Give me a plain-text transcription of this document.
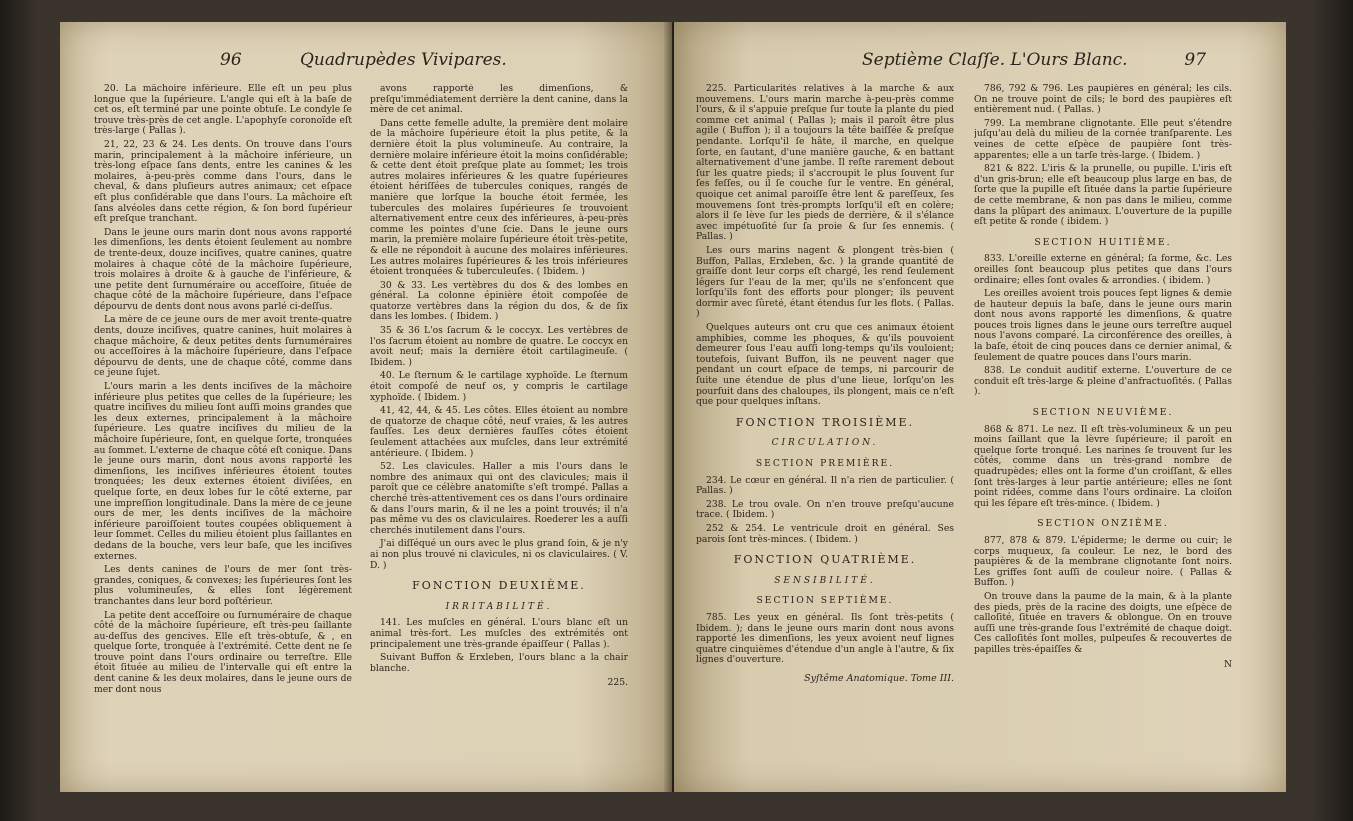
96	Quadrupèdes Vivipares.

20. La mâchoire inférieure. Elle eſt un peu plus longue que la ſupérieure. L'angle qui eſt à la baſe de cet os, eſt terminé par une pointe obtuſe. Le condyle ſe trouve très-près de cet angle. L'apophyſe coronoïde eſt très-large ( Pallas ).

21, 22, 23 & 24. Les dents. On trouve dans l'ours marin, principalement à la mâchoire inférieure, un très-long eſpace ſans dents, entre les canines & les molaires, à-peu-près comme dans l'ours, dans le cheval, & dans pluſieurs autres animaux; cet eſpace eſt plus conſidérable que dans l'ours. La mâchoire eſt ſans alvéoles dans cette région, & ſon bord ſupérieur eſt preſque tranchant.

Dans le jeune ours marin dont nous avons rapporté les dimenſions, les dents étoient ſeulement au nombre de trente-deux, douze inciſives, quatre canines, quatre molaires à chaque côté de la mâchoire ſupérieure, trois molaires à droite & à gauche de l'inférieure, & une petite dent ſurnuméraire ou acceſſoire, ſituée de chaque côté de la mâchoire ſupérieure, dans l'eſpace dépourvu de dents dont nous avons parlé ci-deſſus.

La mère de ce jeune ours de mer avoit trente-quatre dents, douze inciſives, quatre canines, huit molaires à chaque mâchoire, & deux petites dents ſurnuméraires ou acceſſoires à la mâchoire ſupérieure, dans l'eſpace dépourvu de dents, une de chaque côté, comme dans ce jeune ſujet.

L'ours marin a les dents inciſives de la mâchoire inférieure plus petites que celles de la ſupérieure; les quatre inciſives du milieu ſont auſſi moins grandes que les deux externes, principalement à la mâchoire ſupérieure. Les quatre inciſives du milieu de la mâchoire ſupérieure, ſont, en quelque ſorte, tronquées au ſommet. L'externe de chaque côté eſt conique. Dans le jeune ours marin, dont nous avons rapporté les dimenſions, les inciſives inférieures étoient toutes tronquées; les deux externes étoient diviſées, en quelque ſorte, en deux lobes ſur le côté externe, par une impreſſion longitudinale. Dans la mère de ce jeune ours de mer, les dents inciſives de la mâchoire inférieure paroiſſoient toutes coupées obliquement à leur ſommet. Celles du milieu étoient plus ſaillantes en dedans de la bouche, vers leur baſe, que les inciſives externes.

Les dents canines de l'ours de mer ſont très-grandes, coniques, & convexes; les ſupérieures ſont les plus volumineuſes, & elles ſont légèrement tranchantes dans leur bord poſtérieur.

La petite dent acceſſoire ou ſurnuméraire de chaque côté de la mâchoire ſupérieure, eſt très-peu ſaillante au-deſſus des gencives. Elle eſt très-obtuſe, & , en quelque ſorte, tronquée à l'extrémité. Cette dent ne ſe trouve point dans l'ours ordinaire ou terreſtre. Elle étoit ſituée au milieu de l'intervalle qui eſt entre la dent canine & les deux molaires, dans le jeune ours de mer dont nous

avons rapporté les dimenſions, & preſqu'immédiatement derrière la dent canine, dans la mère de cet animal.

Dans cette femelle adulte, la première dent molaire de la mâchoire ſupérieure étoit la plus petite, & la dernière étoit la plus volumineuſe. Au contraire, la dernière molaire inférieure étoit la moins conſidérable; & cette dent étoit preſque plate au ſommet; les trois autres molaires inférieures & les quatre ſupérieures étoient hériſſées de tubercules coniques, rangés de manière que lorſque la bouche étoit fermée, les tubercules des molaires ſupérieures ſe trouvoient alternativement entre ceux des inférieures, à-peu-près comme les pointes d'une ſcie. Dans le jeune ours marin, la première molaire ſupérieure étoit très-petite, & elle ne répondoit à aucune des molaires inférieures. Les autres molaires ſupérieures & les trois inférieures étoient tronquées & tuberculeuſes. ( Ibidem. )

30 & 33. Les vertèbres du dos & des lombes en général. La colonne épinière étoit compoſée de quatorze vertèbres dans la région du dos, & de ſix dans les lombes. ( Ibidem. )

35 & 36 L'os ſacrum & le coccyx. Les vertèbres de l'os ſacrum étoient au nombre de quatre. Le coccyx en avoit neuf; mais la dernière étoit cartilagineuſe. ( Ibidem. )

40. Le ſternum & le cartilage xyphoïde. Le ſternum étoit compoſé de neuf os, y compris le cartilage xyphoïde. ( Ibidem. )

41, 42, 44, & 45. Les côtes. Elles étoient au nombre de quatorze de chaque côté, neuf vraies, & les autres fauſſes. Les deux dernières fauſſes côtes étoient ſeulement attachées aux muſcles, dans leur extrémité antérieure. ( Ibidem. )

52. Les clavicules. Haller a mis l'ours dans le nombre des animaux qui ont des clavicules; mais il paroît que ce célèbre anatomiſte s'eſt trompé. Pallas a cherché très-attentivement ces os dans l'ours ordinaire & dans l'ours marin, & il ne les a point trouvés; il n'a pas même vu des os claviculaires. Roederer les a auſſi cherchés inutilement dans l'ours.

J'ai diſſéqué un ours avec le plus grand ſoin, & je n'y ai non plus trouvé ni clavicules, ni os claviculaires. ( V. D. )

FONCTION DEUXIÈME.

IRRITABILITÉ.

141. Les muſcles en général. L'ours blanc eſt un animal très-fort. Les muſcles des extrémités ont principalement une très-grande épaiſſeur ( Pallas ).

Suivant Buffon & Erxleben, l'ours blanc a la chair blanche.

225.
Septième Claſſe. L'Ours Blanc.	97

225. Particularités relatives à la marche & aux mouvemens. L'ours marin marche à-peu-près comme l'ours, & il s'appuie preſque ſur toute la plante du pied comme cet animal ( Pallas ); mais il paroît être plus agile ( Buffon ); il a toujours la tête baiſſée & preſque pendante. Lorſqu'il ſe hâte, il marche, en quelque ſorte, en ſautant, d'une manière gauche, & en battant alternativement d'une jambe. Il reſte rarement debout ſur les quatre pieds; il s'accroupit le plus ſouvent ſur ſes feſſes, ou il ſe couche ſur le ventre. En général, quoique cet animal paroiſſe être lent & pareſſeux, ſes mouvemens ſont très-prompts lorſqu'il eſt en colère; alors il ſe lève ſur les pieds de derrière, & il s'élance avec impétuoſité ſur ſa proie & ſur ſes ennemis. ( Pallas. )

Les ours marins nagent & plongent très-bien ( Buffon, Pallas, Erxleben, &c. ) la grande quantité de graiſſe dont leur corps eſt chargé, les rend ſeulement légers ſur l'eau de la mer, qu'ils ne s'enfoncent que lorſqu'ils font des efforts pour plonger; ils peuvent dormir avec ſûreté, étant étendus ſur les flots. ( Pallas. )

Quelques auteurs ont cru que ces animaux étoient amphibies, comme les phoques, & qu'ils pouvoient demeurer ſous l'eau auſſi long-temps qu'ils vouloient; toutefois, ſuivant Buffon, ils ne peuvent nager que pendant un court eſpace de temps, ni parcourir de ſuite une étendue de plus d'une lieue, lorſqu'on les pourſuit dans des chaloupes, ils plongent, mais ce n'eſt que pour quelques inſtans.

FONCTION TROISIÈME.

CIRCULATION.

SECTION PREMIÈRE.

234. Le cœur en général. Il n'a rien de particulier. ( Pallas. )

238. Le trou ovale. On n'en trouve preſqu'aucune trace. ( Ibidem. )

252 & 254. Le ventricule droit en général. Ses parois ſont très-minces. ( Ibidem. )

FONCTION QUATRIÈME.

SENSIBILITÉ.

SECTION SEPTIÈME.

785. Les yeux en général. Ils ſont très-petits ( Ibidem. ); dans le jeune ours marin dont nous avons rapporté les dimenſions, les yeux avoient neuf lignes quatre cinquièmes d'étendue d'un angle à l'autre, & ſix lignes d'ouverture.

Syſtême Anatomique. Tome III.

786, 792 & 796. Les paupières en général; les cils. On ne trouve point de cils; le bord des paupières eſt entièrement nud. ( Pallas. )

799. La membrane clignotante. Elle peut s'étendre juſqu'au delà du milieu de la cornée tranſparente. Les veines de cette eſpèce de paupière ſont très-apparentes; elle a un tarſe très-large. ( Ibidem. )

821 & 822. L'iris & la prunelle, ou pupille. L'iris eſt d'un gris-brun; elle eſt beaucoup plus large en bas, de ſorte que la pupille eſt ſituée dans la partie ſupérieure de cette membrane, & non pas dans le milieu, comme dans la plûpart des animaux. L'ouverture de la pupille eſt petite & ronde ( ibidem. )

SECTION HUITIÈME.

833. L'oreille externe en général; ſa forme, &c. Les oreilles ſont beaucoup plus petites que dans l'ours ordinaire; elles ſont ovales & arrondies. ( ibidem. )

Les oreilles avoient trois pouces ſept lignes & demie de hauteur depuis la baſe, dans le jeune ours marin dont nous avons rapporté les dimenſions, & quatre pouces trois lignes dans le jeune ours terreſtre auquel nous l'avons comparé. La circonférence des oreilles, à la baſe, étoit de cinq pouces dans ce dernier animal, & ſeulement de quatre pouces dans l'ours marin.

838. Le conduit auditif externe. L'ouverture de ce conduit eſt très-large & pleine d'anfractuoſités. ( Pallas ).

SECTION NEUVIÈME.

868 & 871. Le nez. Il eſt très-volumineux & un peu moins ſaillant que la lèvre ſupérieure; il paroît en quelque ſorte tronqué. Les narines ſe trouvent ſur les côtés, comme dans un très-grand nombre de quadrupèdes; elles ont la forme d'un croiſſant, & elles ſont très-larges à leur partie antérieure; elles ne ſont point ridées, comme dans l'ours ordinaire. La cloiſon qui les ſépare eſt très-mince. ( Ibidem. )

SECTION ONZIÈME.

877, 878 & 879. L'épiderme; le derme ou cuir; le corps muqueux, ſa couleur. Le nez, le bord des paupières & de la membrane clignotante ſont noirs. Les griffes ſont auſſi de couleur noire. ( Pallas & Buffon. )

On trouve dans la paume de la main, & à la plante des pieds, près de la racine des doigts, une eſpèce de calloſité, ſituée en travers & oblongue. On en trouve auſſi une très-grande ſous l'extrémité de chaque doigt. Ces calloſités ſont molles, pulpeuſes & recouvertes de papilles très-épaiſſes &

N
